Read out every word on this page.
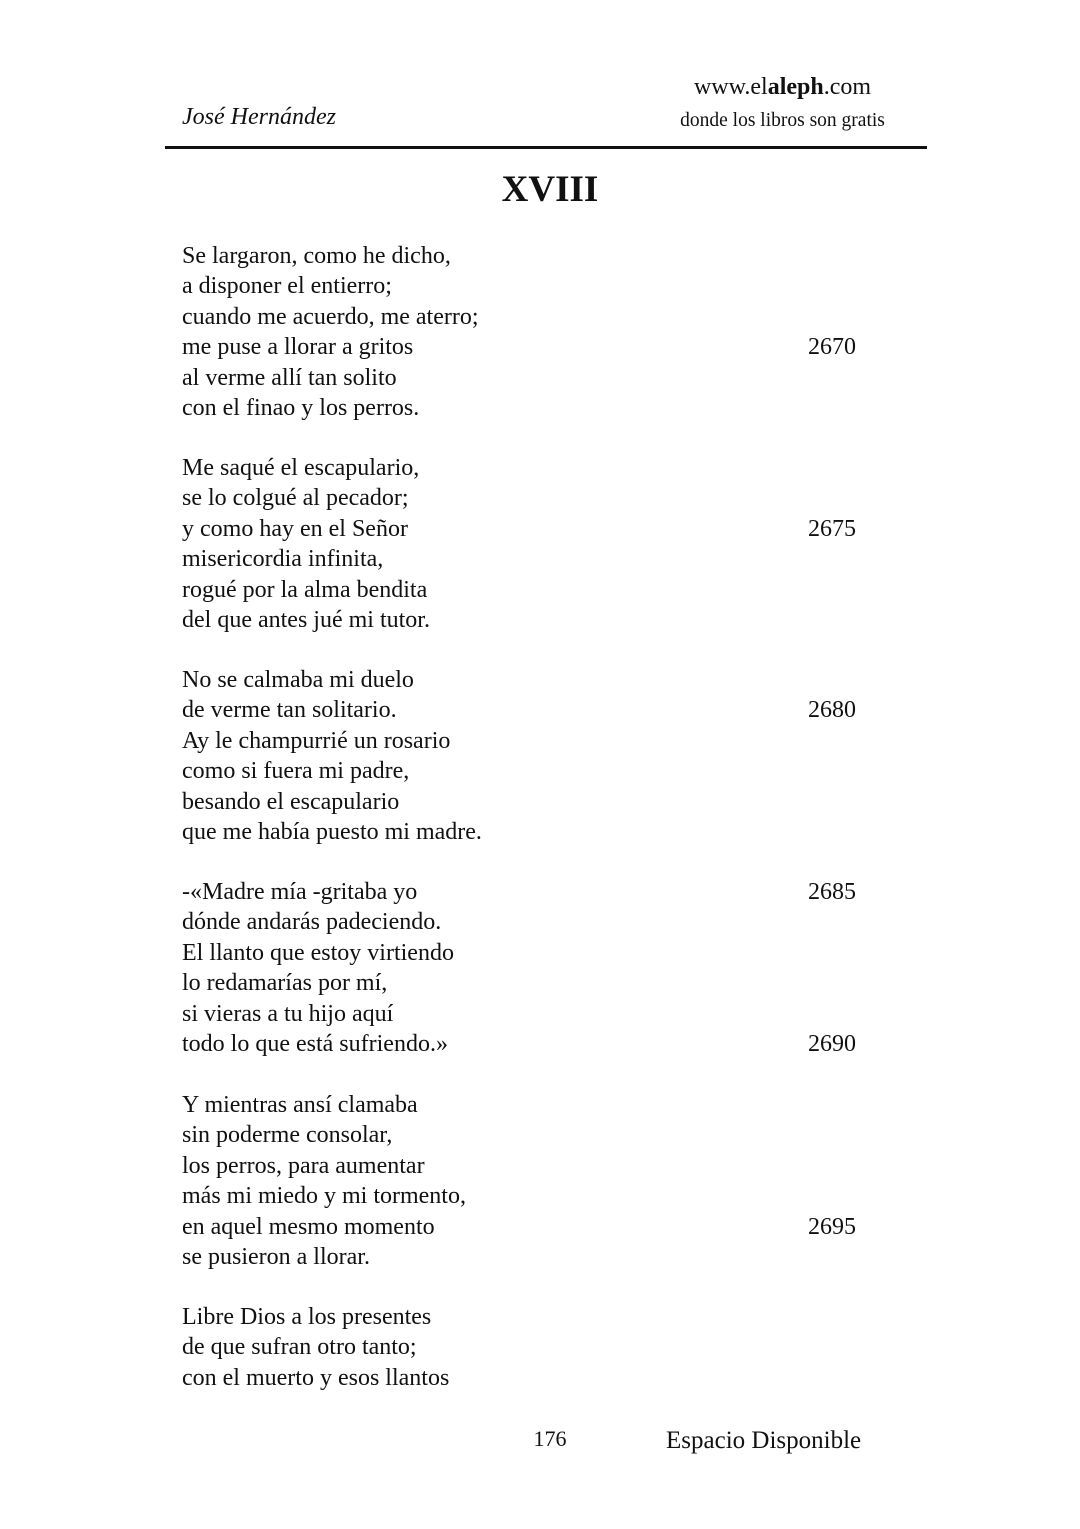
José Hernández
www.elaleph.com
donde los libros son gratis
XVIII
Se largaron, como he dicho,
a disponer el entierro;
cuando me acuerdo, me aterro;
me puse a llorar a gritos	2670
al verme allí tan solito
con el finao y los perros.
Me saqué el escapulario,
se lo colgué al pecador;
y como hay en el Señor	2675
misericordia infinita,
rogué por la alma bendita
del que antes jué mi tutor.
No se calmaba mi duelo
de verme tan solitario.	2680
Ay le champurrié un rosario
como si fuera mi padre,
besando el escapulario
que me había puesto mi madre.
-«Madre mía -gritaba yo	2685
dónde andarás padeciendo.
El llanto que estoy virtiendo
lo redamarías por mí,
si vieras a tu hijo aquí
todo lo que está sufriendo.»	2690
Y mientras ansí clamaba
sin poderme consolar,
los perros, para aumentar
más mi miedo y mi tormento,
en aquel mesmo momento	2695
se pusieron a llorar.
Libre Dios a los presentes
de que sufran otro tanto;
con el muerto y esos llantos
176	Espacio Disponible
